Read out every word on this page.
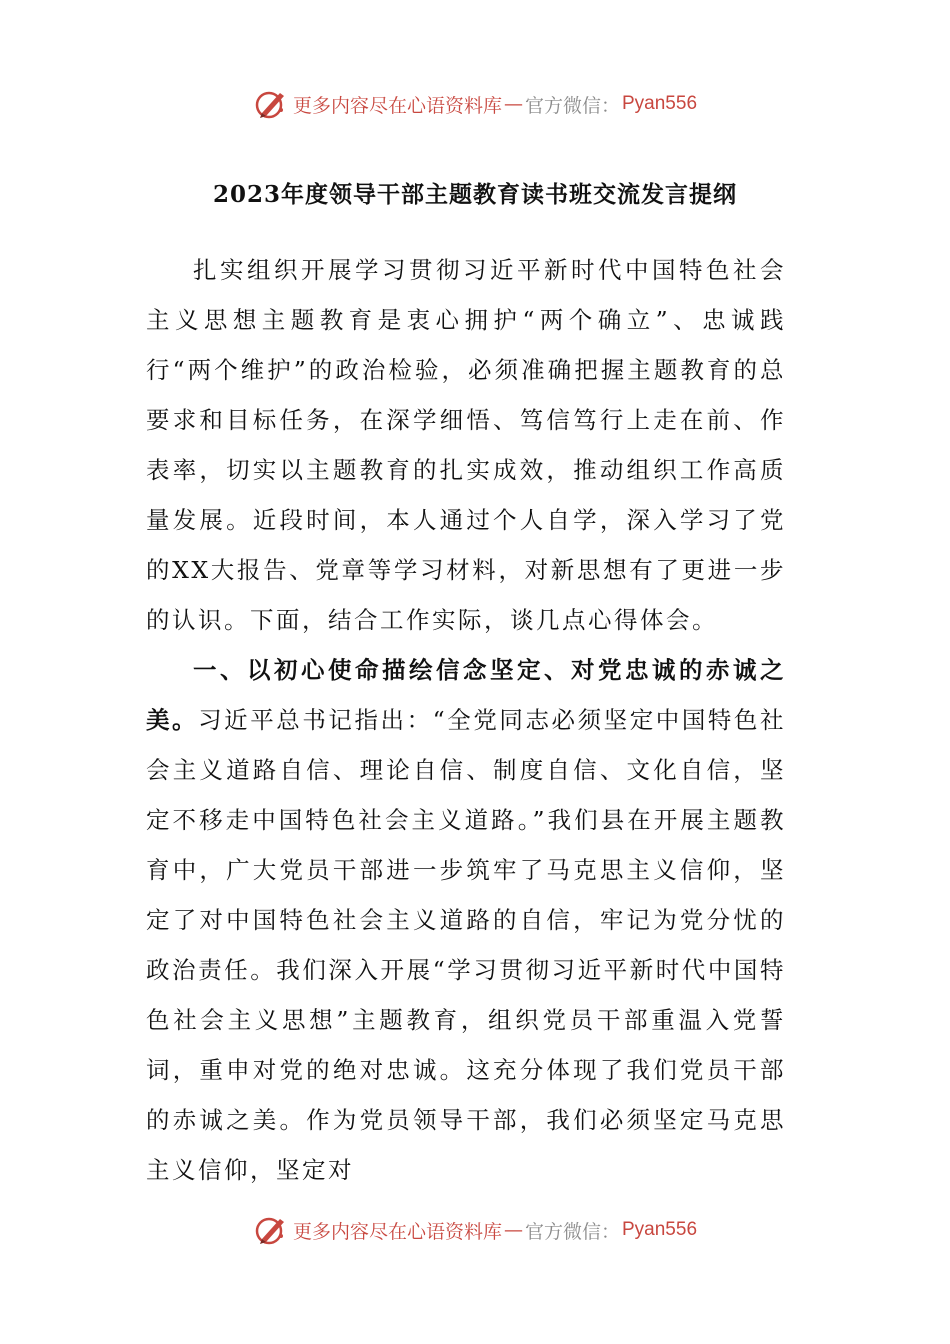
更多内容尽在心语资料库 — 官方微信： Pyan556
2023年度领导干部主题教育读书班交流发言提纲

扎实组织开展学习贯彻习近平新时代中国特色社会主义思想主题教育是衷心拥护“两个确立”、忠诚践行“两个维护”的政治检验，必须准确把握主题教育的总要求和目标任务，在深学细悟、笃信笃行上走在前、作表率，切实以主题教育的扎实成效，推动组织工作高质量发展。近段时间，本人通过个人自学，深入学习了党的XX大报告、党章等学习材料，对新思想有了更进一步的认识。下面，结合工作实际，谈几点心得体会。

一、以初心使命描绘信念坚定、对党忠诚的赤诚之美。习近平总书记指出：“全党同志必须坚定中国特色社会主义道路自信、理论自信、制度自信、文化自信，坚定不移走中国特色社会主义道路。”我们县在开展主题教育中，广大党员干部进一步筑牢了马克思主义信仰，坚定了对中国特色社会主义道路的自信，牢记为党分忧的政治责任。我们深入开展“学习贯彻习近平新时代中国特色社会主义思想”主题教育，组织党员干部重温入党誓词，重申对党的绝对忠诚。这充分体现了我们党员干部的赤诚之美。作为党员领导干部，我们必须坚定马克思主义信仰，坚定对

更多内容尽在心语资料库 — 官方微信： Pyan556
